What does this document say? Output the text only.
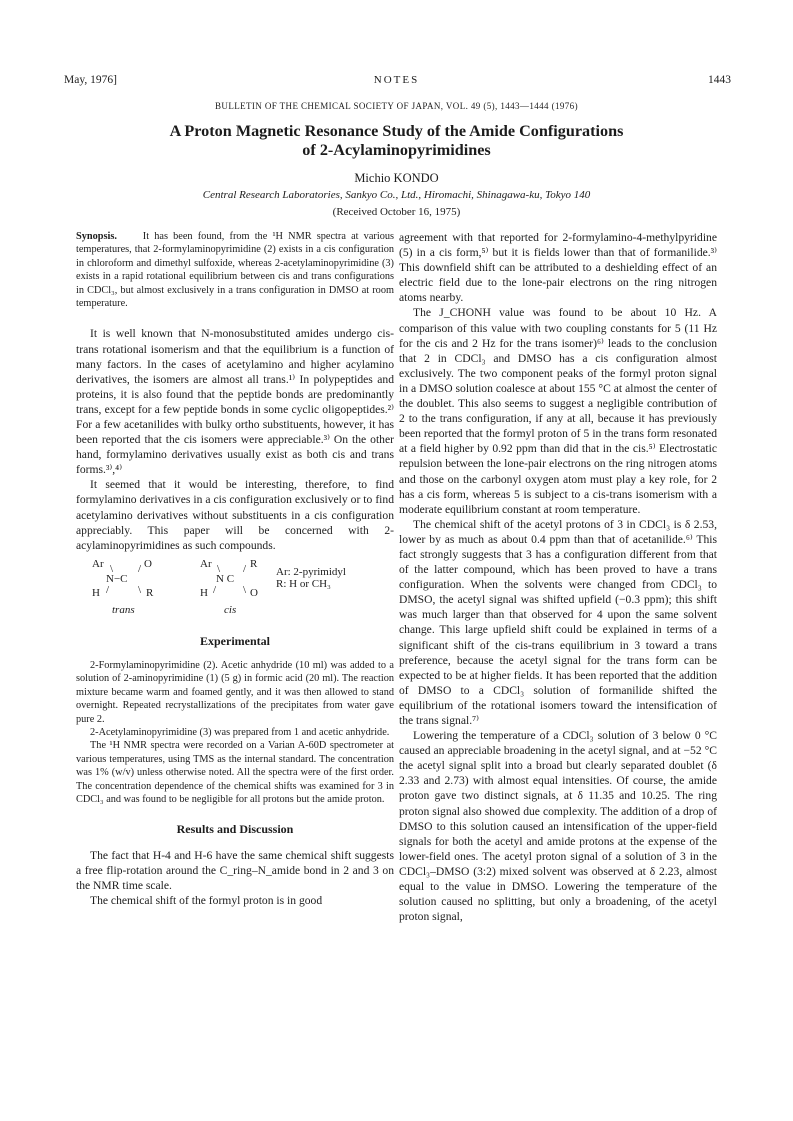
May, 1976]	NOTES	1443
BULLETIN OF THE CHEMICAL SOCIETY OF JAPAN, VOL. 49 (5), 1443—1444 (1976)
A Proton Magnetic Resonance Study of the Amide Configurations
of 2-Acylaminopyrimidines
Michio KONDO
Central Research Laboratories, Sankyo Co., Ltd., Hiromachi, Shinagawa-ku, Tokyo 140
(Received October 16, 1975)

Synopsis.	It has been found, from the ¹H NMR spectra at various temperatures, that 2-formylaminopyrimidine (2) exists in a cis configuration in chloroform and dimethyl sulfoxide, whereas 2-acetylaminopyrimidine (3) exists in a rapid rotational equilibrium between cis and trans configurations in CDCl₃, but almost exclusively in a trans configuration in DMSO at room temperature.

It is well known that N-monosubstituted amides undergo cis-trans rotational isomerism and that the equilibrium is a function of many factors. In the cases of acetylamino and higher acylamino derivatives, the isomers are almost all trans.¹⁾ In polypeptides and proteins, it is also found that the peptide bonds are predominantly trans, except for a few peptide bonds in some cyclic oligopeptides.²⁾ For a few acetanilides with bulky ortho substituents, however, it has been reported that the cis isomers were appreciable.³⁾ On the other hand, formylamino derivatives usually exist as both cis and trans forms.³⁾,⁴⁾

It seemed that it would be interesting, therefore, to find formylamino derivatives in a cis configuration exclusively or to find acetylamino derivatives without substituents in a cis configuration appreciably. This paper will be concerned with 2-acylaminopyrimidines as such compounds.

Ar \ / O
N−C
H /	\ R
trans
Ar \ / R
N C
H / \ O
cis
Ar: 2-pyrimidyl
R: H or CH₃

Experimental

2-Formylaminopyrimidine (2). Acetic anhydride (10 ml) was added to a solution of 2-aminopyrimidine (1) (5 g) in formic acid (20 ml). The reaction mixture became warm and foamed gently, and it was then allowed to stand overnight. Repeated recrystallizations of the precipitates from water gave pure 2.

2-Acetylaminopyrimidine (3) was prepared from 1 and acetic anhydride.

The ¹H NMR spectra were recorded on a Varian A-60D spectrometer at various temperatures, using TMS as the internal standard. The concentration was 1% (w/v) unless otherwise noted. All the spectra were of the first order. The concentration dependence of the chemical shifts was examined for 3 in CDCl₃ and was found to be negligible for all protons but the amide proton.

Results and Discussion

The fact that H-4 and H-6 have the same chemical shift suggests a free flip-rotation around the C_ring–N_amide bond in 2 and 3 on the NMR time scale.

The chemical shift of the formyl proton is in good

agreement with that reported for 2-formylamino-4-methylpyridine (5) in a cis form,⁵⁾ but it is fields lower than that of formanilide.³⁾ This downfield shift can be attributed to a deshielding effect of an electric field due to the lone-pair electrons on the ring nitrogen atoms nearby.

The J_CHONH value was found to be about 10 Hz. A comparison of this value with two coupling constants for 5 (11 Hz for the cis and 2 Hz for the trans isomer)⁶⁾ leads to the conclusion that 2 in CDCl₃ and DMSO has a cis configuration almost exclusively. The two component peaks of the formyl proton signal in a DMSO solution coalesce at about 155 °C at almost the center of the doublet. This also seems to suggest a negligible contribution of 2 to the trans configuration, if any at all, because it has previously been reported that the formyl proton of 5 in the trans form resonated at a field higher by 0.92 ppm than did that in the cis.⁵⁾ Electrostatic repulsion between the lone-pair electrons on the ring nitrogen atoms and those on the carbonyl oxygen atom must play a key role, for 2 has a cis form, whereas 5 is subject to a cis-trans isomerism with a moderate equilibrium constant at room temperature.

The chemical shift of the acetyl protons of 3 in CDCl₃ is δ 2.53, lower by as much as about 0.4 ppm than that of acetanilide.⁶⁾ This fact strongly suggests that 3 has a configuration different from that of the latter compound, which has been proved to have a trans configuration. When the solvents were changed from CDCl₃ to DMSO, the acetyl signal was shifted upfield (−0.3 ppm); this shift was much larger than that observed for 4 upon the same solvent change. This large upfield shift could be explained in terms of a significant shift of the cis-trans equilibrium in 3 toward a trans preference, because the acetyl signal for the trans form can be expected to be at higher fields. It has been reported that the addition of DMSO to a CDCl₃ solution of formanilide shifted the equilibrium of the rotational isomers toward the intensification of the trans signal.⁷⁾

Lowering the temperature of a CDCl₃ solution of 3 below 0 °C caused an appreciable broadening in the acetyl signal, and at −52 °C the acetyl signal split into a broad but clearly separated doublet (δ 2.33 and 2.73) with almost equal intensities. Of course, the amide proton gave two distinct signals, at δ 11.35 and 10.25. The ring proton signal also showed due complexity. The addition of a drop of DMSO to this solution caused an intensification of the upper-field signals for both the acetyl and amide protons at the expense of the lower-field ones. The acetyl proton signal of a solution of 3 in the CDCl₃–DMSO (3:2) mixed solvent was observed at δ 2.23, almost equal to the value in DMSO. Lowering the temperature of the solution caused no splitting, but only a broadening, of the acetyl proton signal,
